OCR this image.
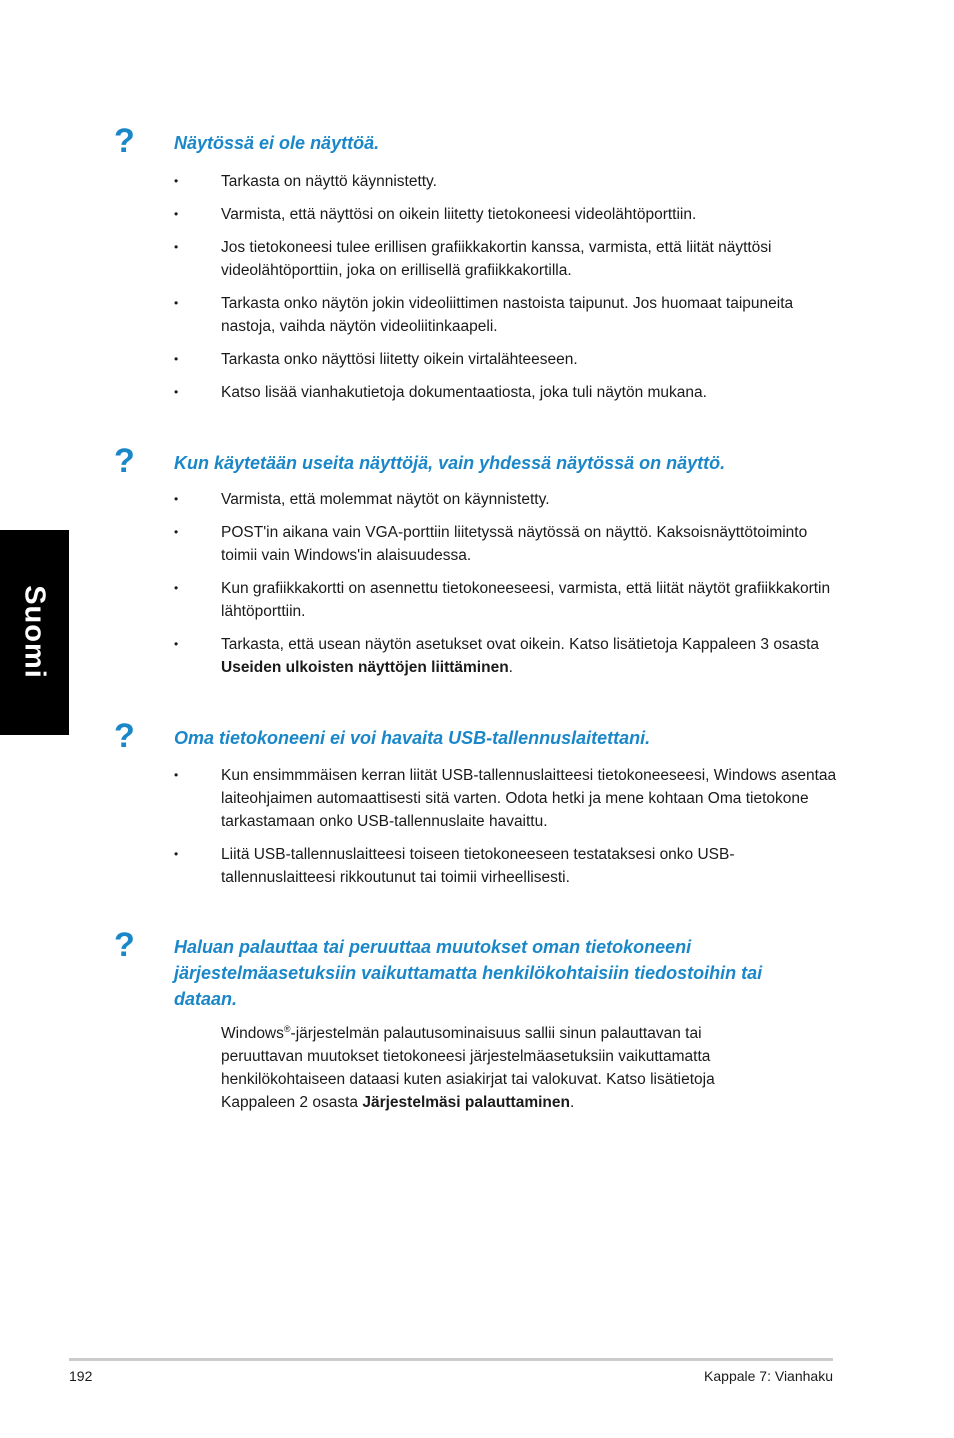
Suomi
? Näytössä ei ole näyttöä.
•	Tarkasta on näyttö käynnistetty.
•	Varmista, että näyttösi on oikein liitetty tietokoneesi videolähtöporttiin.
•	Jos tietokoneesi tulee erillisen grafiikkakortin kanssa, varmista, että liität näyttösi videolähtöporttiin, joka on erillisellä grafiikkakortilla.
•	Tarkasta onko näytön jokin videoliittimen nastoista taipunut. Jos huomaat taipuneita nastoja, vaihda näytön videoliitinkaapeli.
•	Tarkasta onko näyttösi liitetty oikein virtalähteeseen.
•	Katso lisää vianhakutietoja dokumentaatiosta, joka tuli näytön mukana.
? Kun käytetään useita näyttöjä, vain yhdessä näytössä on näyttö.
•	Varmista, että molemmat näytöt on käynnistetty.
•	POST'in aikana vain VGA-porttiin liitetyssä näytössä on näyttö. Kaksoisnäyttötoiminto toimii vain Windows'in alaisuudessa.
•	Kun grafiikkakortti on asennettu tietokoneeseesi, varmista, että liität näytöt grafiikkakortin lähtöporttiin.
•	Tarkasta, että usean näytön asetukset ovat oikein. Katso lisätietoja Kappaleen 3 osasta Useiden ulkoisten näyttöjen liittäminen.
? Oma tietokoneeni ei voi havaita USB-tallennuslaitettani.
•	Kun ensimmmäisen kerran liität USB-tallennuslaitteesi tietokoneeseesi, Windows asentaa laiteohjaimen automaattisesti sitä varten. Odota hetki ja mene kohtaan Oma tietokone tarkastamaan onko USB-tallennuslaite havaittu.
•	Liitä USB-tallennuslaitteesi toiseen tietokoneeseen testataksesi onko USB-tallennuslaitteesi rikkoutunut tai toimii virheellisesti.
? Haluan palauttaa tai peruuttaa muutokset oman tietokoneeni järjestelmäasetuksiin vaikuttamatta henkilökohtaisiin tiedostoihin tai dataan.

Windows®-järjestelmän palautusominaisuus sallii sinun palauttavan tai peruuttavan muutokset tietokoneesi järjestelmäasetuksiin vaikuttamatta henkilökohtaiseen dataasi kuten asiakirjat tai valokuvat. Katso lisätietoja Kappaleen 2 osasta Järjestelmäsi palauttaminen.

192	Kappale 7: Vianhaku
